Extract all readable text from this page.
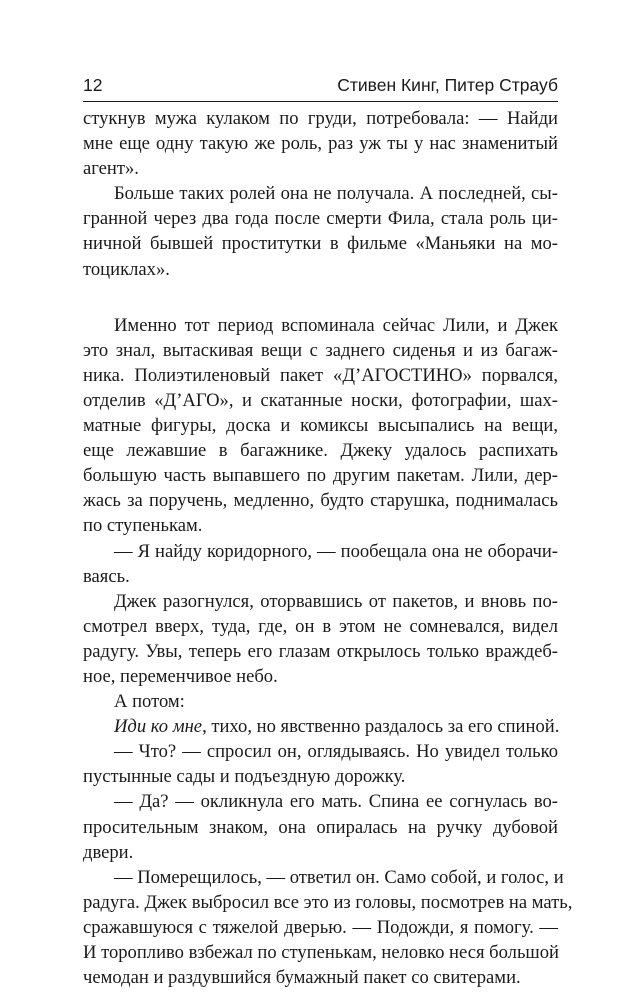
12	Стивен Кинг, Питер Страуб
стукнув мужа кулаком по груди, потребовала: — Найди
мне еще одну такую же роль, раз уж ты у нас знаменитый
агент».
Больше таких ролей она не получала. А последней, сы-
гранной через два года после смерти Фила, стала роль ци-
ничной бывшей проститутки в фильме «Маньяки на мо-
тоциклах».
Именно тот период вспоминала сейчас Лили, и Джек
это знал, вытаскивая вещи с заднего сиденья и из багаж-
ника. Полиэтиленовый пакет «Д’АГОСТИНО» порвался,
отделив «Д’АГО», и скатанные носки, фотографии, шах-
матные фигуры, доска и комиксы высыпались на вещи,
еще лежавшие в багажнике. Джеку удалось распихать
большую часть выпавшего по другим пакетам. Лили, дер-
жась за поручень, медленно, будто старушка, поднималась
по ступенькам.
— Я найду коридорного, — пообещала она не оборачи-
ваясь.
Джек разогнулся, оторвавшись от пакетов, и вновь по-
смотрел вверх, туда, где, он в этом не сомневался, видел
радугу. Увы, теперь его глазам открылось только враждеб-
ное, переменчивое небо.
А потом:
Иди ко мне, тихо, но явственно раздалось за его спиной.
— Что? — спросил он, оглядываясь. Но увидел только
пустынные сады и подъездную дорожку.
— Да? — окликнула его мать. Спина ее согнулась во-
просительным знаком, она опиралась на ручку дубовой
двери.
— Померещилось, — ответил он. Само собой, и голос, и
радуга. Джек выбросил все это из головы, посмотрев на мать,
сражавшуюся с тяжелой дверью. — Подожди, я помогу. —
И торопливо взбежал по ступенькам, неловко неся большой
чемодан и раздувшийся бумажный пакет со свитерами.
